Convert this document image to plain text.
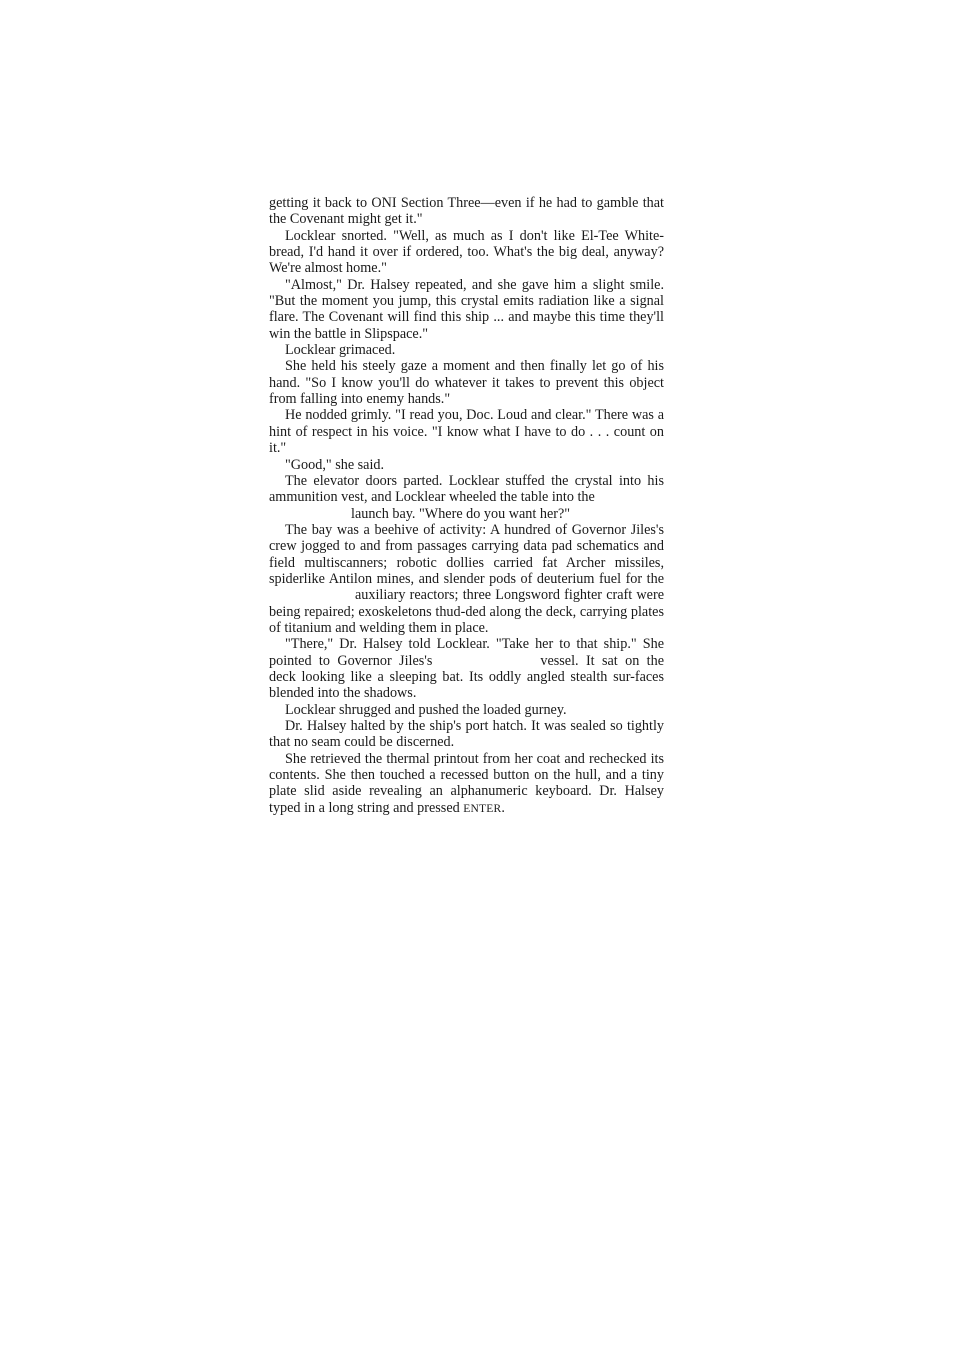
getting it back to ONI Section Three—even if he had to gamble that the Covenant might get it."

Locklear snorted. "Well, as much as I don't like El-Tee White-bread, I'd hand it over if ordered, too. What's the big deal, anyway? We're almost home."

"Almost," Dr. Halsey repeated, and she gave him a slight smile. "But the moment you jump, this crystal emits radiation like a signal flare. The Covenant will find this ship ... and maybe this time they'll win the battle in Slipspace."

Locklear grimaced.

She held his steely gaze a moment and then finally let go of his hand. "So I know you'll do whatever it takes to prevent this object from falling into enemy hands."

He nodded grimly. "I read you, Doc. Loud and clear." There was a hint of respect in his voice. "I know what I have to do . . . count on it."

"Good," she said.

The elevator doors parted. Locklear stuffed the crystal into his ammunition vest, and Locklear wheeled the table into the

launch bay. "Where do you want her?"

The bay was a beehive of activity: A hundred of Governor Jiles's crew jogged to and from passages carrying data pad schematics and field multiscanners; robotic dollies carried fat Archer missiles, spiderlike Antilon mines, and slender pods of deuterium fuel for theauxiliary reactors; three Longsword fighter craft were being repaired; exoskeletons thud-ded along the deck, carrying plates of titanium and welding them in place.

"There," Dr. Halsey told Locklear. "Take her to that ship." She pointed to Governor Jiles's	vessel. It sat on the deck looking like a sleeping bat. Its oddly angled stealth sur-faces blended into the shadows.

Locklear shrugged and pushed the loaded gurney.

Dr. Halsey halted by the ship's port hatch. It was sealed so tightly that no seam could be discerned.

She retrieved the thermal printout from her coat and rechecked its contents. She then touched a recessed button on the hull, and a tiny plate slid aside revealing an alphanumeric keyboard. Dr. Halsey typed in a long string and pressed ENTER.
